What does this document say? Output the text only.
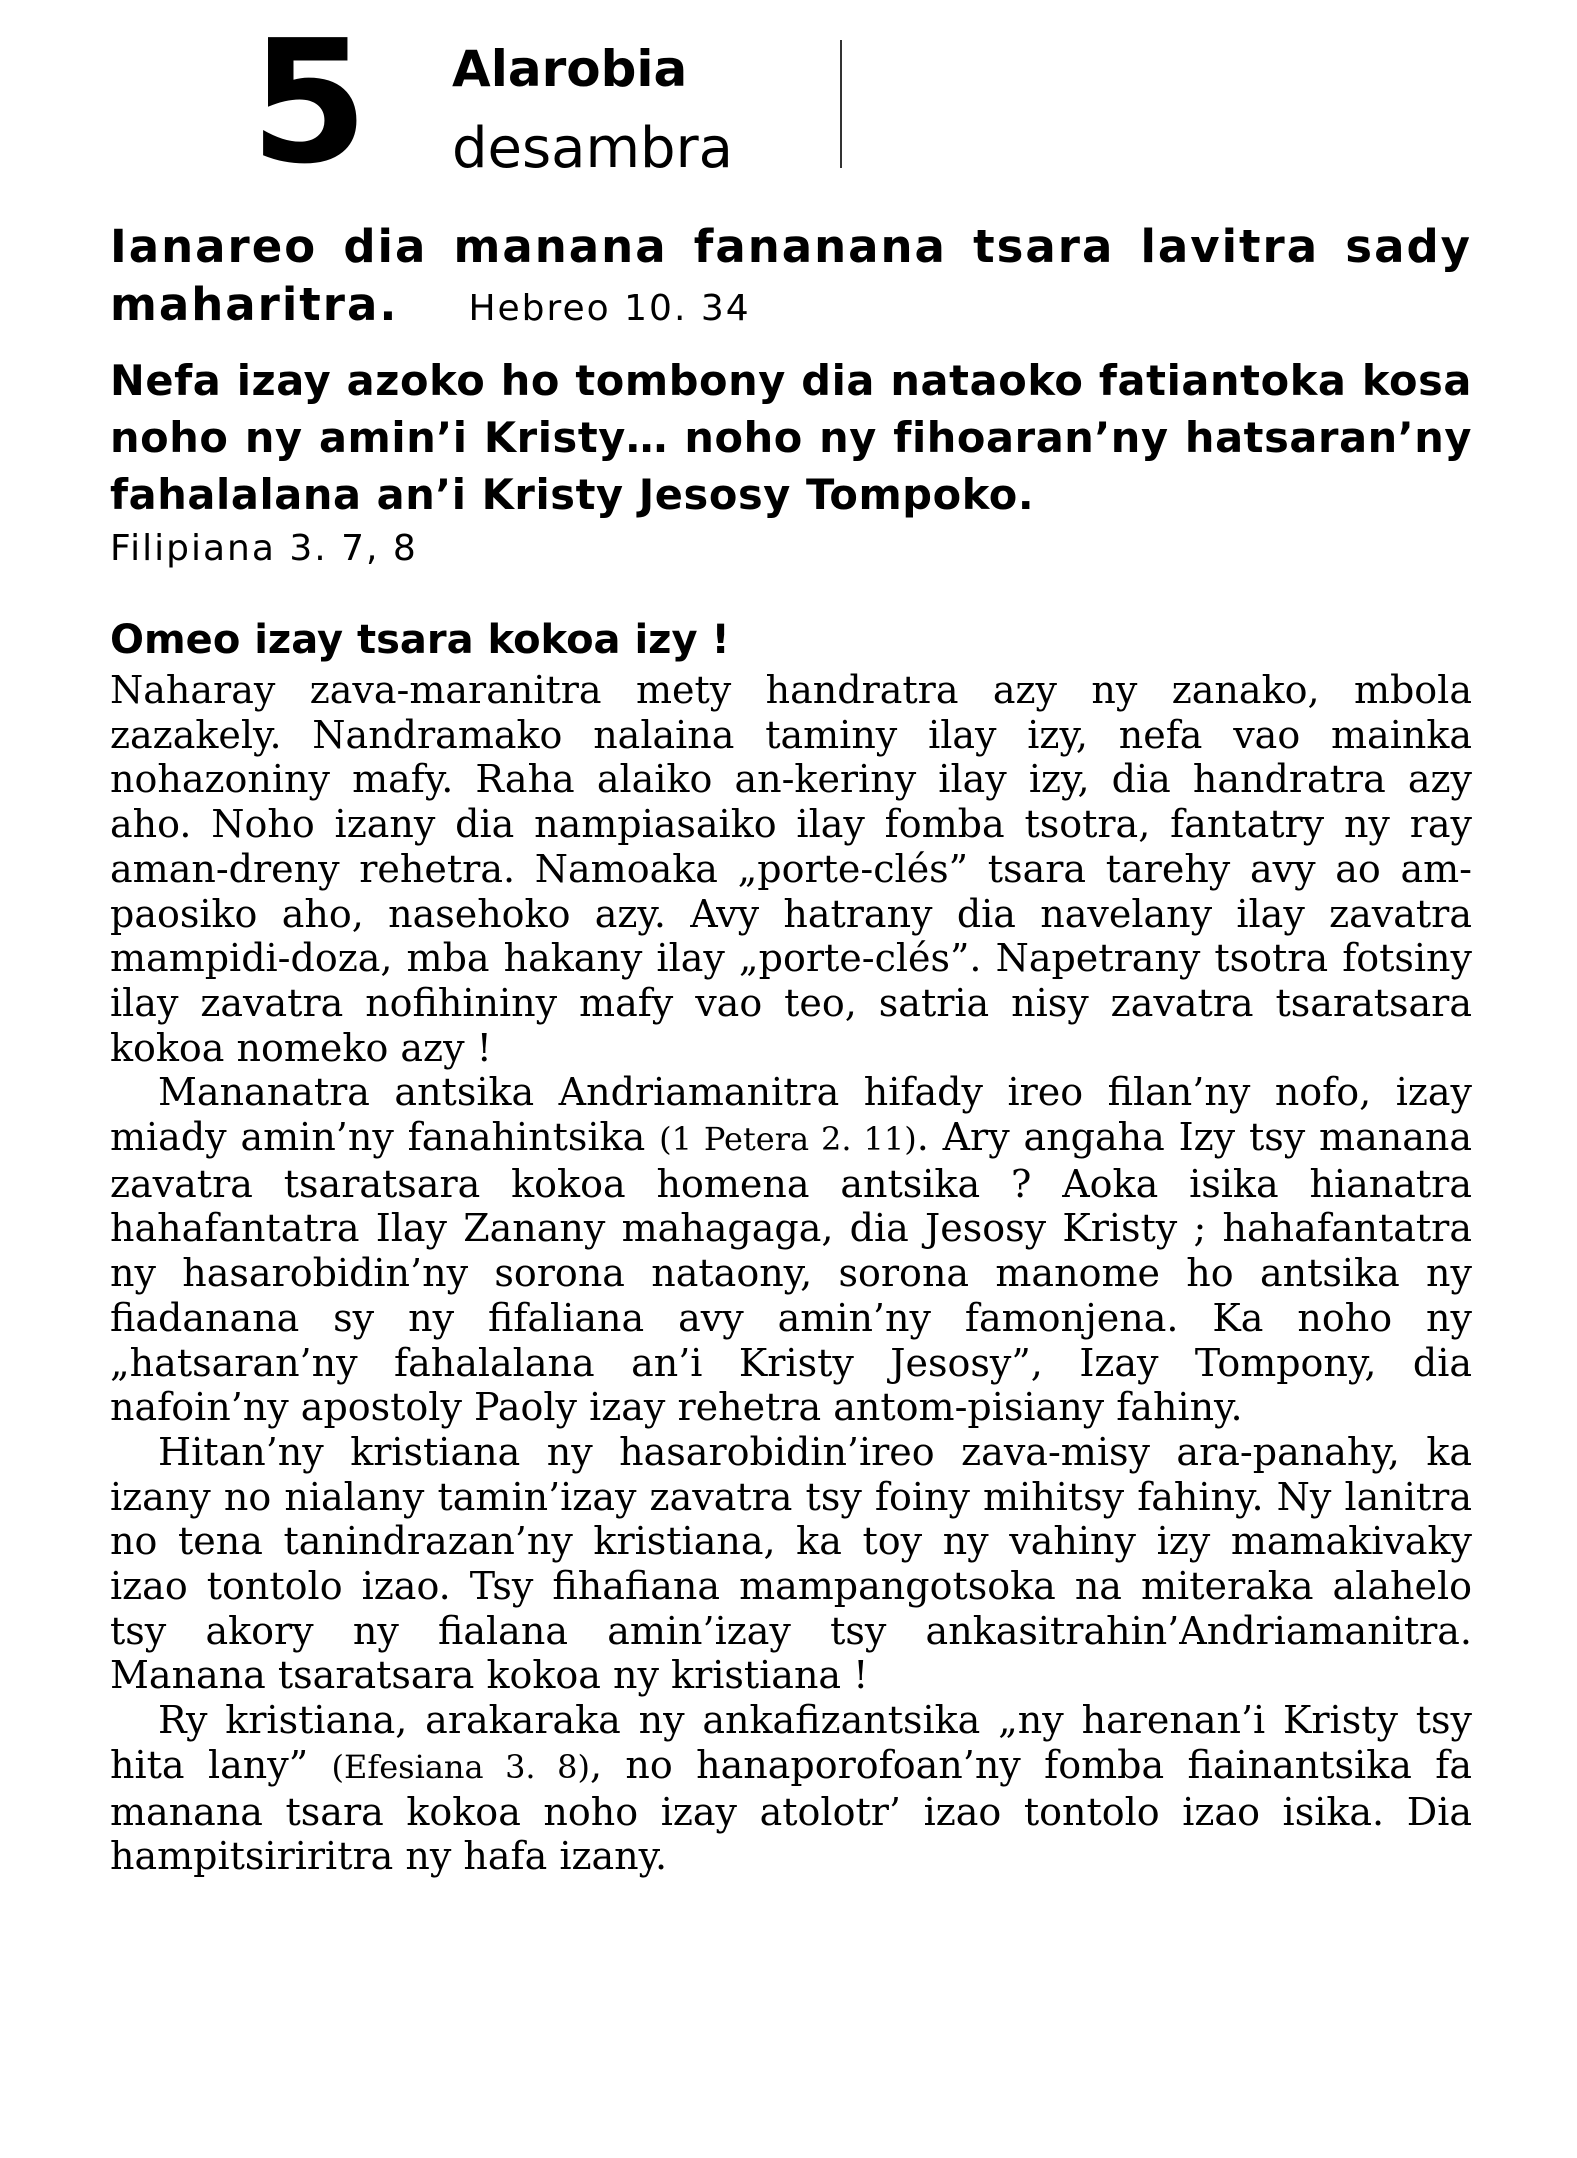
5 Alarobia
desambra
Ianareo dia manana fananana tsara lavitra sady maharitra. Hebreo 10. 34
Nefa izay azoko ho tombony dia nataoko fatiantoka kosa noho ny amin’i Kristy… noho ny fihoaran’ny hatsaran’ny fahalalana an’i Kristy Jesosy Tompoko.
Filipiana 3. 7, 8
Omeo izay tsara kokoa izy !

Naharay zava-maranitra mety handratra azy ny zanako, mbola zazakely. Nandramako nalaina taminy ilay izy, nefa vao mainka nohazoniny mafy. Raha alaiko an-keriny ilay izy, dia handratra azy aho. Noho izany dia nampiasaiko ilay fomba tsotra, fantatry ny ray aman-dreny rehetra. Namoaka „porte-clés” tsara tarehy avy ao am-paosiko aho, nasehoko azy. Avy hatrany dia navelany ilay zavatra mampidi-doza, mba hakany ilay „porte-clés”. Napetrany tsotra fotsiny ilay zavatra nofihininy mafy vao teo, satria nisy zavatra tsaratsara kokoa nomeko azy !

Mananatra antsika Andriamanitra hifady ireo filan’ny nofo, izay miady amin’ny fanahintsika (1 Petera 2. 11). Ary angaha Izy tsy manana zavatra tsaratsara kokoa homena antsika ? Aoka isika hianatra hahafantatra Ilay Zanany mahagaga, dia Jesosy Kristy ; hahafantatra ny hasarobidin’ny sorona nataony, sorona manome ho antsika ny fiadanana sy ny fifaliana avy amin’ny famonjena. Ka noho ny „hatsaran’ny fahalalana an’i Kristy Jesosy”, Izay Tompony, dia nafoin’ny apostoly Paoly izay rehetra antom-pisiany fahiny.

Hitan’ny kristiana ny hasarobidin’ireo zava-misy ara-panahy, ka izany no nialany tamin’izay zavatra tsy foiny mihitsy fahiny. Ny lanitra no tena tanindrazan’ny kristiana, ka toy ny vahiny izy mamakivaky izao tontolo izao. Tsy fihafiana mampangotsoka na miteraka alahelo tsy akory ny fialana amin’izay tsy ankasitrahin’Andriamanitra. Manana tsaratsara kokoa ny kristiana !

Ry kristiana, arakaraka ny ankafizantsika „ny harenan’i Kristy tsy hita lany” (Efesiana 3. 8), no hanaporofoan’ny fomba fiainantsika fa manana tsara kokoa noho izay atolotr’ izao tontolo izao isika. Dia hampitsiriritra ny hafa izany.
